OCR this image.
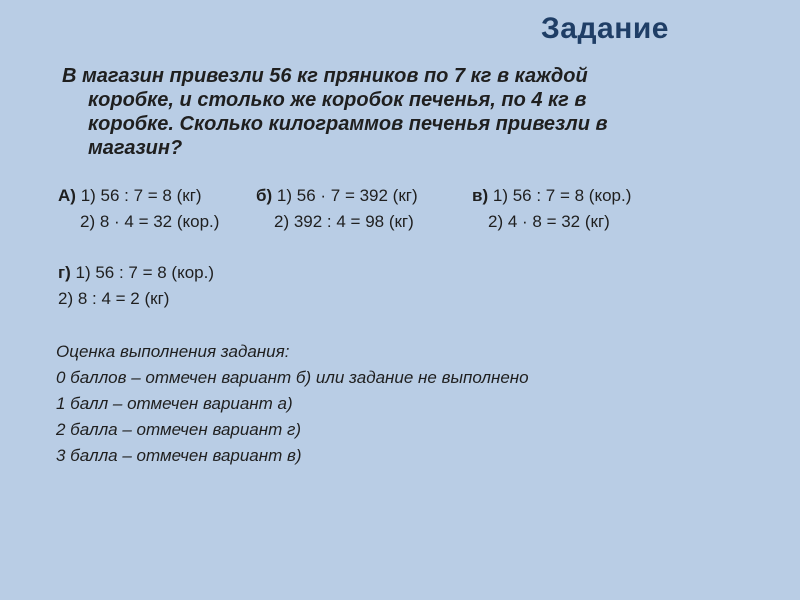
Задание
В магазин привезли 56 кг пряников по 7 кг в каждой
коробке, и столько же коробок печенья, по 4 кг в
коробке. Сколько килограммов печенья привезли в
магазин?
А) 1) 56 : 7 = 8 (кг)
2) 8 · 4 = 32 (кор.)
б) 1) 56 · 7 = 392 (кг)
2) 392 : 4 = 98 (кг)
в) 1) 56 : 7 = 8 (кор.)
2) 4 · 8 = 32 (кг)
г) 1) 56 : 7 = 8 (кор.)
2) 8 : 4 = 2 (кг)
Оценка выполнения задания:
0 баллов – отмечен вариант б) или задание не выполнено
1 балл – отмечен вариант а)
2 балла – отмечен вариант г)
3 балла – отмечен вариант в)
